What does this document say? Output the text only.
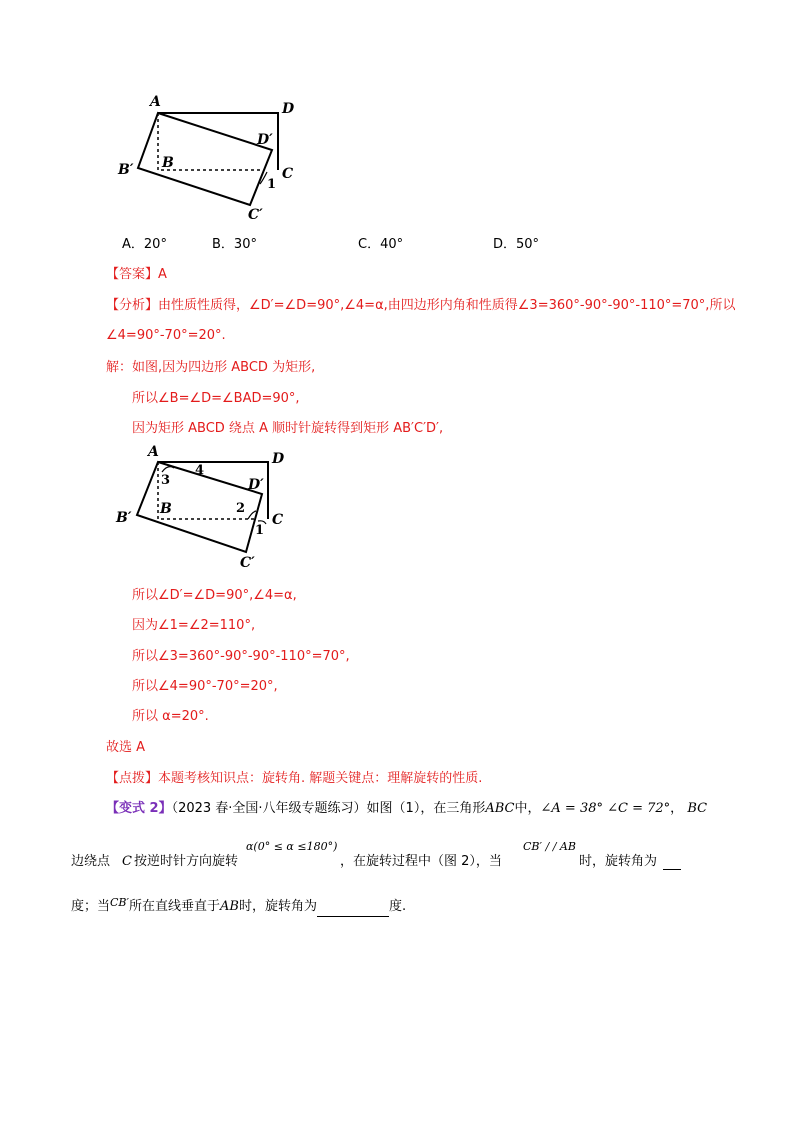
A	D
D′
B′ B
C
1
C′
A．20°	B．30°	C．40°	D．50°
【答案】A
【分析】由性质性质得，∠D′=∠D=90°,∠4=α,由四边形内角和性质得∠3=360°-90°-90°-110°=70°,所以
∠4=90°-70°=20°.
解：如图,因为四边形 ABCD 为矩形,
所以∠B=∠D=∠BAD=90°,
因为矩形 ABCD 绕点 A 顺时针旋转得到矩形 AB′C′D′,
A	D
D′
B′
B
C
1
2
3
4
C′
所以∠D′=∠D=90°,∠4=α,
因为∠1=∠2=110°,
所以∠3=360°-90°-90°-110°=70°,
所以∠4=90°-70°=20°,
所以 α=20°.
故选 A
【点拨】本题考核知识点：旋转角. 解题关键点：理解旋转的性质.
【变式 2】（2023 春·全国·八年级专题练习）如图（1），在三角形ABC中，∠A = 38° ∠C = 72°， BC
α(0° ≤ α ≤180°)	CB′ / / AB
边绕点 C 按逆时针方向旋转	，在旋转过程中（图 2），当	时，旋转角为
度；当$^{CB'}$所在直线垂直于AB时，旋转角为	度.
